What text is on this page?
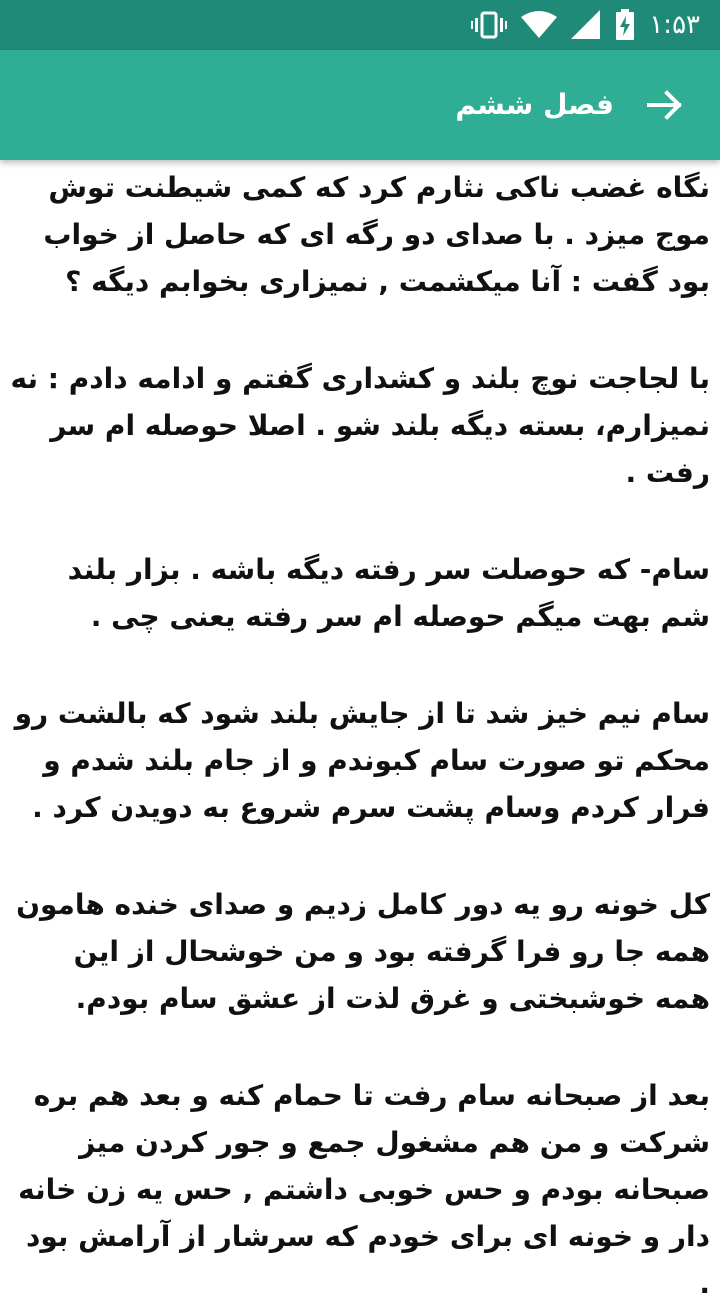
۱:۵۳
فصل ششم

نگاه غضب ناکی نثارم کرد که کمی شیطنت توش موج میزد . با صدای دو رگه ای که حاصل از خواب بود گفت : آنا میکشمت , نمیزاری بخوابم دیگه ؟

با لجاجت نوچ بلند و کشداری گفتم و ادامه دادم : نه نمیزارم، بسته دیگه بلند شو . اصلا حوصله ام سر رفت .

سام- که حوصلت سر رفته دیگه باشه . بزار بلند شم بهت میگم حوصله ام سر رفته یعنی چی .

سام نیم خیز شد تا از جایش بلند شود که بالشت رو محکم تو صورت سام کبوندم و از جام بلند شدم و فرار کردم وسام پشت سرم شروع به دویدن کرد .

کل خونه رو یه دور کامل زدیم و صدای خنده هامون همه جا رو فرا گرفته بود و من خوشحال از این همه خوشبختی و غرق لذت از عشق سام بودم.

بعد از صبحانه سام رفت تا حمام کنه و بعد هم بره شرکت و من هم مشغول جمع و جور کردن میز صبحانه بودم و حس خوبی داشتم , حس یه زن خانه دار و خونه ای برای خودم که سرشار از آرامش بود .
